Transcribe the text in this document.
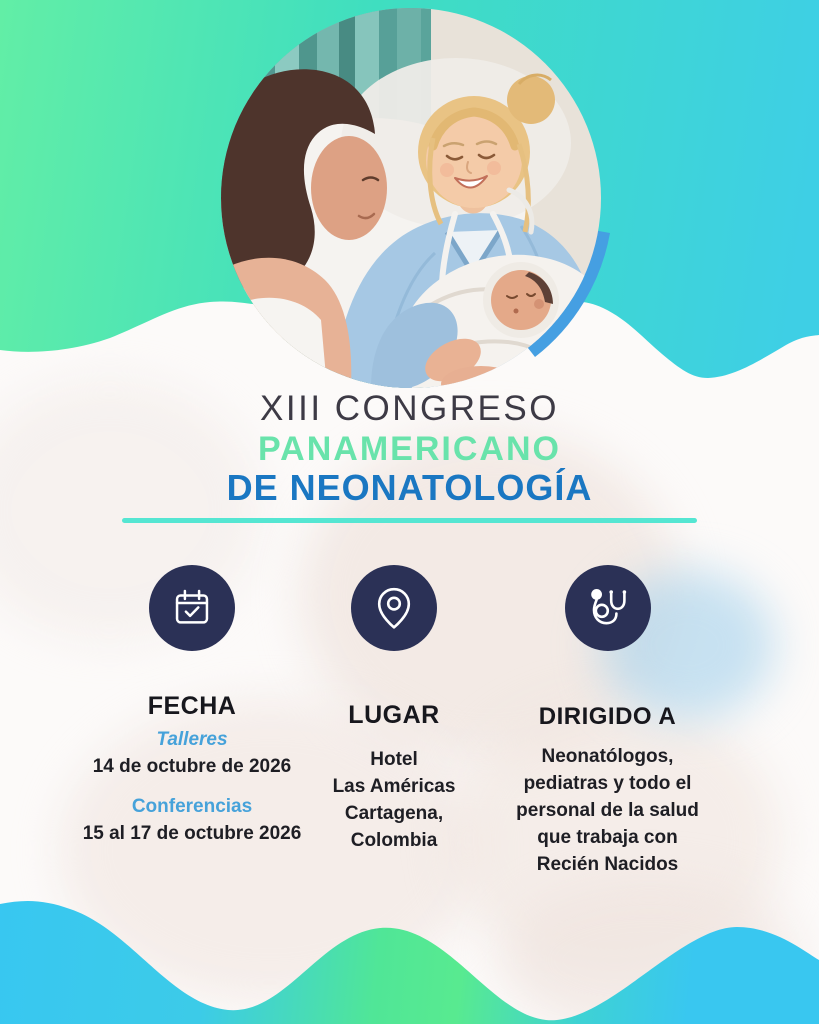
XIII CONGRESO
PANAMERICANO
DE NEONATOLOGÍA
FECHA
Talleres
14 de octubre de 2026
Conferencias
15 al 17 de octubre 2026
LUGAR
Hotel
Las Américas
Cartagena,
Colombia
DIRIGIDO A
Neonatólogos,
pediatras y todo el
personal de la salud
que trabaja con
Recién Nacidos
